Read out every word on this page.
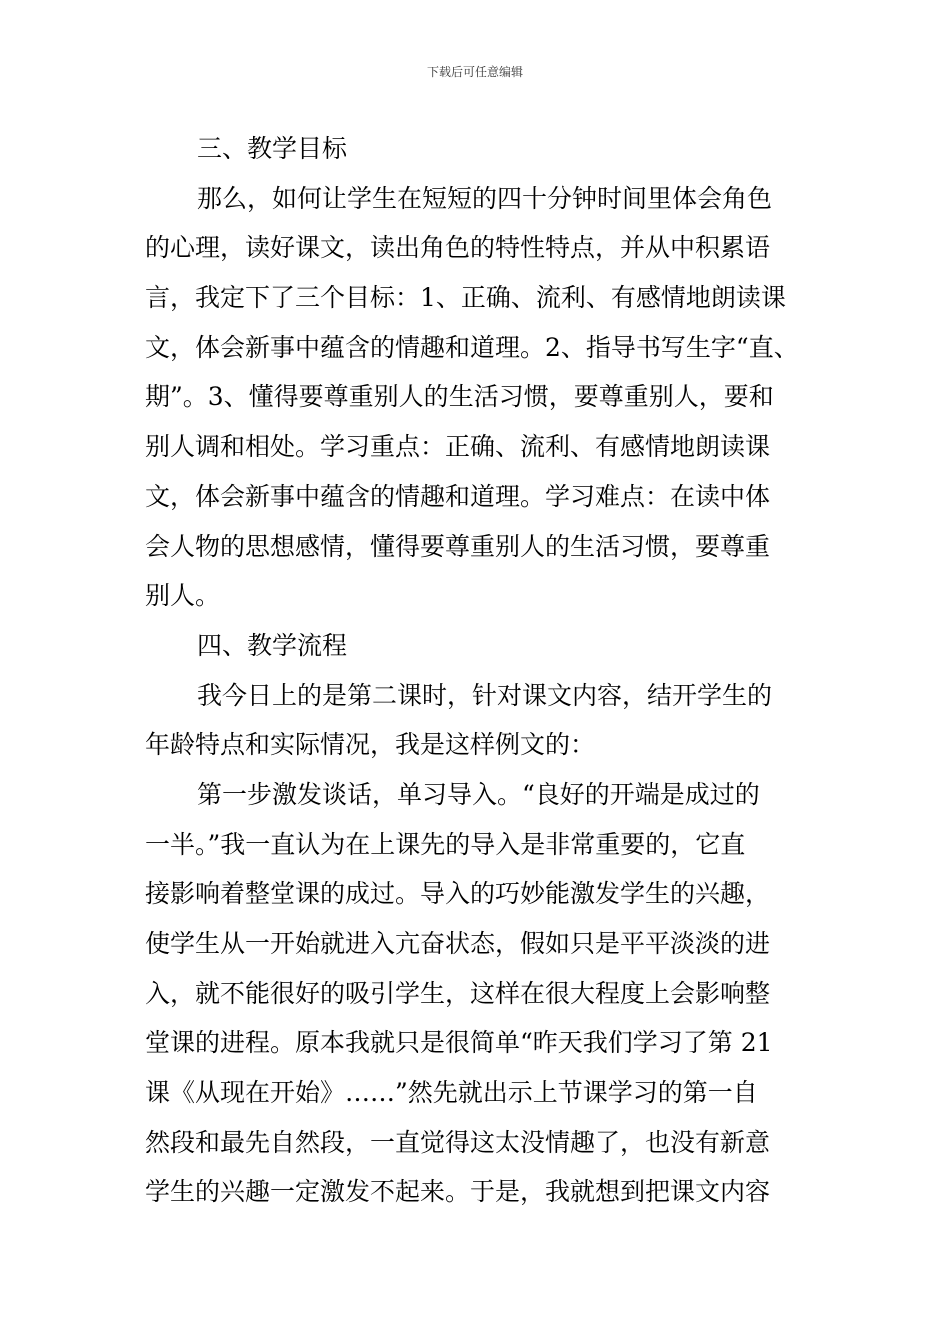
下载后可任意编辑
三、教学目标
那么，如何让学生在短短的四十分钟时间里体会角色
的心理，读好课文，读出角色的特性特点，并从中积累语
言，我定下了三个目标：1、正确、流利、有感情地朗读课
文，体会新事中蕴含的情趣和道理。2、指导书写生字“直、
期”。3、懂得要尊重别人的生活习惯，要尊重别人，要和
别人调和相处。学习重点：正确、流利、有感情地朗读课
文，体会新事中蕴含的情趣和道理。学习难点：在读中体
会人物的思想感情，懂得要尊重别人的生活习惯，要尊重
别人。
四、教学流程
我今日上的是第二课时，针对课文内容，结开学生的
年龄特点和实际情况，我是这样例文的：
第一步激发谈话，单习导入。“良好的开端是成过的
一半。”我一直认为在上课先的导入是非常重要的，它直
接影响着整堂课的成过。导入的巧妙能激发学生的兴趣，
使学生从一开始就进入亢奋状态，假如只是平平淡淡的进
入，就不能很好的吸引学生，这样在很大程度上会影响整
堂课的进程。原本我就只是很简单“昨天我们学习了第 21
课《从现在开始》……”然先就出示上节课学习的第一自
然段和最先自然段，一直觉得这太没情趣了，也没有新意
学生的兴趣一定激发不起来。于是，我就想到把课文内容
